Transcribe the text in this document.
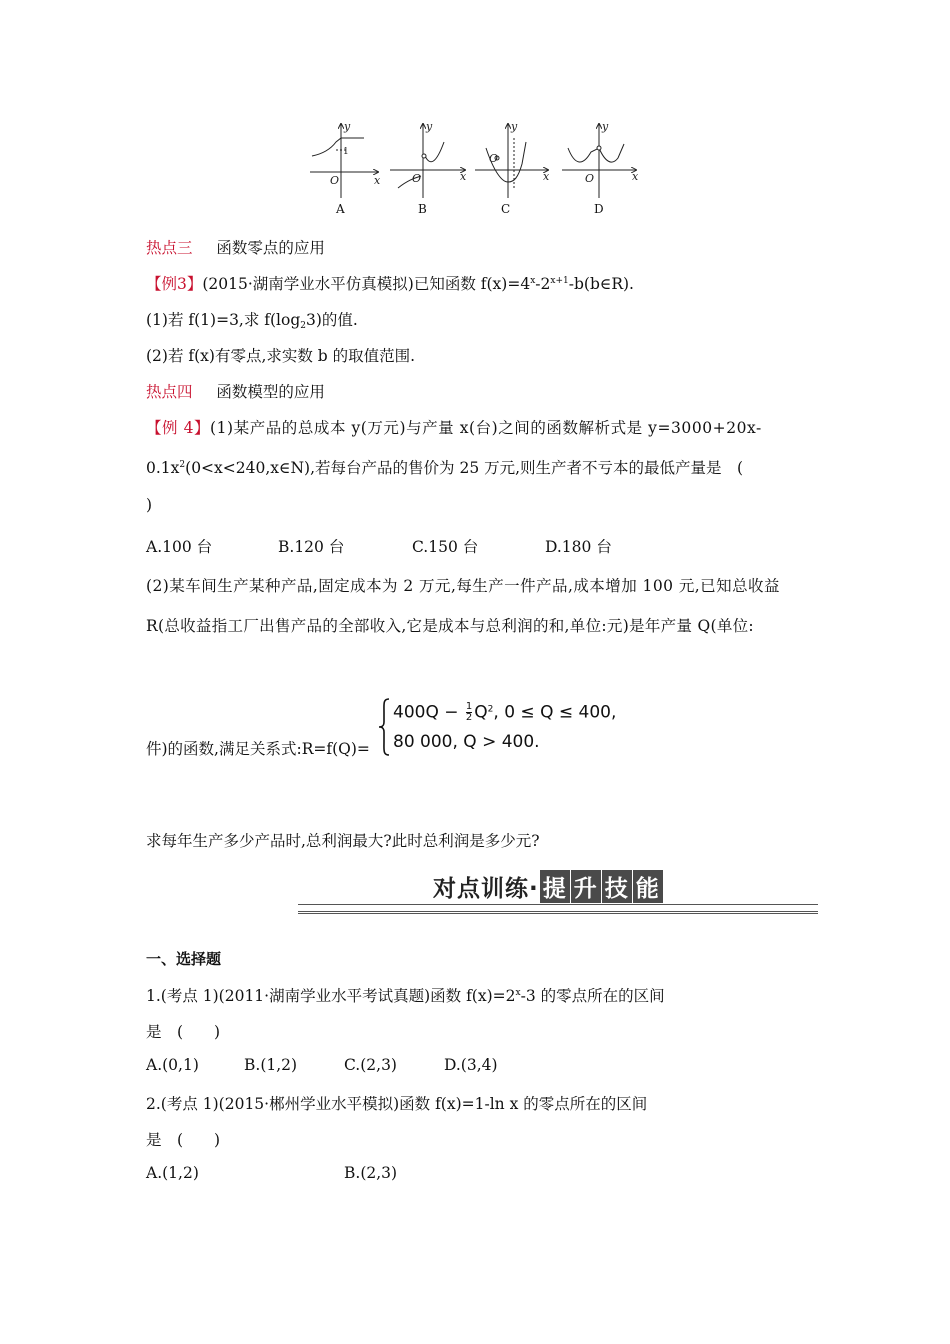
y
x
O
y
x
O
y
x
O
y
x
O
1
A	B	C	D
热点三 函数零点的应用
【例3】(2015·湖南学业水平仿真模拟)已知函数 $f(x)=4^x-2^{x+1}-b(b\in R)$.
(1)若 f(1)=3,求 $f(\log_23)$的值.
(2)若 f(x)有零点,求实数 b 的取值范围.
热点四 函数模型的应用
【例 4】(1)某产品的总成本 y(万元)与产量 x(台)之间的函数解析式是 y=3000+20x-
$0.1x^2(0<x<240,x\in N)$,若每台产品的售价为 25 万元,则生产者不亏本的最低产量是　(
)
A.100 台	B.120 台	C.150 台	D.180 台
(2)某车间生产某种产品,固定成本为 2 万元,每生产一件产品,成本增加 100 元,已知总收益
R(总收益指工厂出售产品的全部收入,它是成本与总利润的和,单位:元)是年产量 Q(单位:
件)的函数,满足关系式:R=f(Q)=
$400Q - \frac{1}{2} Q^2$, 0 ≤ Q ≤ 400,
80 000, Q > 400.
求每年生产多少产品时,总利润最大?此时总利润是多少元?
对点训练· 提 升 技 能
一、选择题
1.(考点 1)(2011·湖南学业水平考试真题)函数 $f(x)=2^x-3$ 的零点所在的区间
是　(　　)
A.(0,1)	B.(1,2)	C.(2,3)	D.(3,4)
2.(考点 1)(2015·郴州学业水平模拟)函数 f(x)=1-ln x 的零点所在的区间
是　(　　)
A.(1,2)	B.(2,3)
